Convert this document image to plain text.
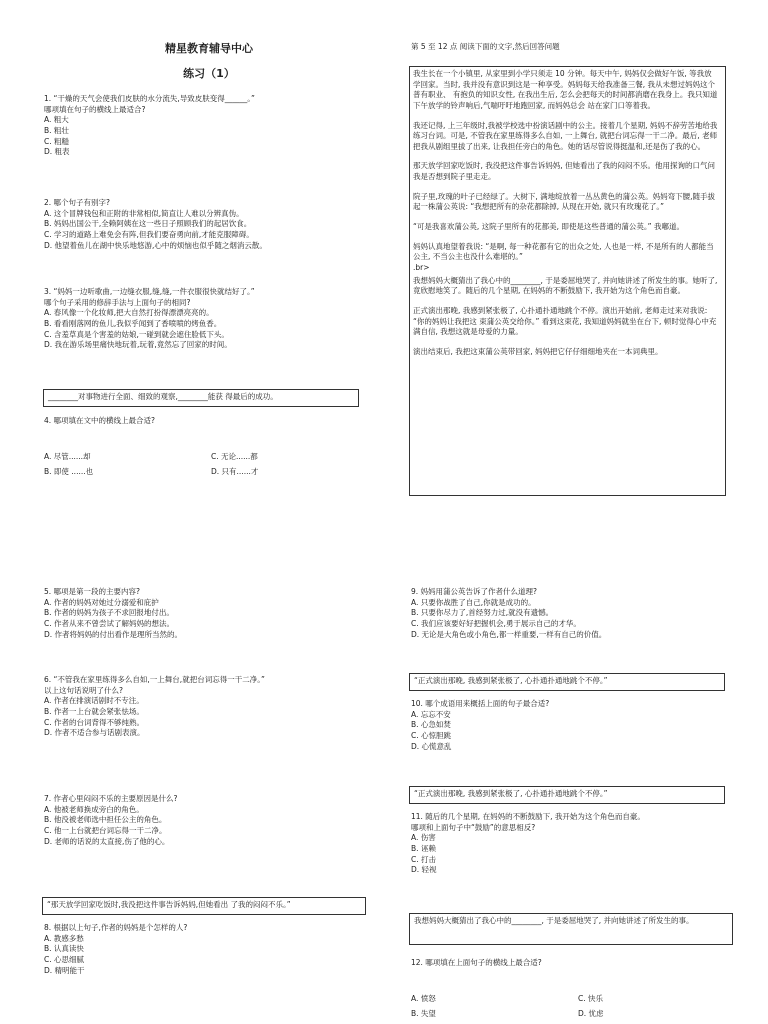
精星教育辅导中心

练习（1）

1. “干燥的天气会使我们皮肤的水分流失,导致皮肤变得______。”

哪项填在句子的横线上最适合?

A. 粗大

B. 粗壮

C. 粗糙

D. 粗表

2. 哪个句子有别字?

A. 这个冒牌钱包和正附的非常相似,简直让人难以分辨真伪。

B. 妈妈出国公干,全赖阿姨在这一些日子照顾我们的起居饮食。

C. 学习的道路上难免会有阵,但我们要奋勇向前,才能克服障碍。

D. 他望着鱼儿在湖中快乐地悠游,心中的烦恼也似乎随之烟消云散。

3. “妈妈一边听歌曲,一边缝衣服,缝,缝,一件衣服很快就结好了。”

哪个句子采用的修辞手法与上面句子的相同?

A. 春风像一个化妆师,把大自然打扮得漂漂亮亮的。

B. 看看刚落网的鱼儿,我似乎闻到了香喷喷的烤鱼香。

C. 含羞草真是个害羞的姑娘,一碰到就会遮住脸低下头。

D. 我在游乐场里痛快地玩着,玩着,竟然忘了回家的时间。

________对事物进行全面、细致的观察,________能获 得最后的成功。

4. 哪项填在文中的横线上最合适?

A. 尽管......却	C. 无论......都
B. 即使 ......也	D. 只有......才

第 5 至 12 点 阅读下面的文字,然后回答问题

我生长在一个小镇里, 从家里到小学只须走 10 分钟。每天中午, 妈妈仅会做好午饭, 等我放 学回家。当时, 我并没有意识到这是一种享受。妈妈每天给我准备三餐, 我从未想过妈妈这个普有职业、 有抱负的知识女性, 在我出生后, 怎么会把每天的时间都消磨在我身上。我只知道下午放学的铃声响后,气喘吁吁地跑回家, 而妈妈总会 站在家门口等着我。

我还记得, 上三年级时,我被学校选中扮演话剧中的公主。接着几个星期, 妈妈不辞劳苦地给我练习台词。可是, 不管我在家里练得多么自如, 一上舞台, 就把台词忘得一干二净。最后, 老师把我从剧组里拔了出来, 让我担任旁白的角色。她的话尽管说得挺温和,还是伤了我的心。

那天放学回家吃饭时, 我没把这件事告诉妈妈, 但她看出了我的闷闷不乐。他用探询的口气问我是否想到院子里走走。

院子里,玫瑰的叶子已经绿了。大树下, 满地绽放着一丛丛黄色的蒲公英。妈妈弯下腰,随手拔起一株蒲公英说: “我想把所有的杂花都除掉, 从现在开始, 就只有玫瑰花了。”

“可是我喜欢蒲公英, 这院子里所有的花都美, 即使是这些普通的蒲公英。” 我嘟道。

妈妈认真地望着我说: “是啊, 每一种花都有它的出众之处, 人也是一样, 不是所有的人都能当公主, 不当公主也没什么难堪的。”

.br>

我想妈妈大概猜出了我心中的________, 于是委屈地哭了, 并向她讲述了所发生的事。她听了, 竟欣慰地笑了。随后的几个星期, 在妈妈的不断鼓励下, 我开始为这个角色而自豪。

正式演出那晚, 我感到紧张极了, 心扑通扑通地跳个不停。演出开始前, 老师走过来对我说: “你的妈妈让我把这 束蒲公英交给你。” 看到这束花, 我知道妈妈就坐在台下, 顿时觉得心中充满自信, 我想这就是母爱的力量。

演出结束后, 我把这束蒲公英带回家, 妈妈把它仔仔细细地夹在一本词典里。

5. 哪项是第一段的主要内容?

A. 作者的妈妈对她过分溺爱和庇护

B. 作者的妈妈为孩子不求回报地付出。

C. 作者从来不曾尝试了解妈妈的想法。

D. 作者将妈妈的付出看作是理所当然的。

6. “不管我在家里练得多么自如,一上舞台,就把台词忘得一干二净。”

以上这句话说明了什么?

A. 作者在排演话剧时不专注。

B. 作者一上台就会紧张怯场。

C. 作者的台词背得不够纯熟。

D. 作者不适合参与话剧表演。

7. 作者心里闷闷不乐的主要原因是什么?

A. 他被老师换成旁白的角色。

B. 他没被老师选中担任公主的角色。

C. 他一上台就把台词忘得一干二净。

D. 老师的话说的太直接,伤了他的心。

“那天放学回家吃饭时,我没把这件事告诉妈妈,但她看出 了我的闷闷不乐。”

8. 根据以上句子,作者的妈妈是个怎样的人?

A. 教感多愁

B. 认真读快

C. 心思细腻

D. 精明能干

9. 妈妈用蒲公英告诉了作者什么道理?

A. 只要你战胜了自己,你就是成功的。

B. 只要你尽力了,首经努力过,就没有遗憾。

C. 我们应该要好好把握机会,勇于展示自己的才华。

D. 无论是大角色或小角色,都一样重要,一样有自己的价值。

“正式演出那晚, 我感到紧张极了, 心扑通扑通地跳个不停。”

10. 哪个成语用来概括上面的句子最合适?

A. 忘忘不安

B. 心急如焚

C. 心惊胆跳

D. 心慌意乱

“正式演出那晚, 我感到紧张极了, 心扑通扑通地跳个不停。”

11. 随后的几个星期, 在妈妈的不断鼓励下, 我开始为这个角色而自豪。

哪项和上面句子中“鼓励”的意思相反?

A. 伤害

B. 诬赖

C. 打击

D. 轻视

我想妈妈大概猜出了我心中的________, 于是委屈地哭了, 并向她讲述了所发生的事。

12. 哪项填在上面句子的横线上最合适?

A. 愤怒	C. 快乐
B. 失望	D. 忧虑
